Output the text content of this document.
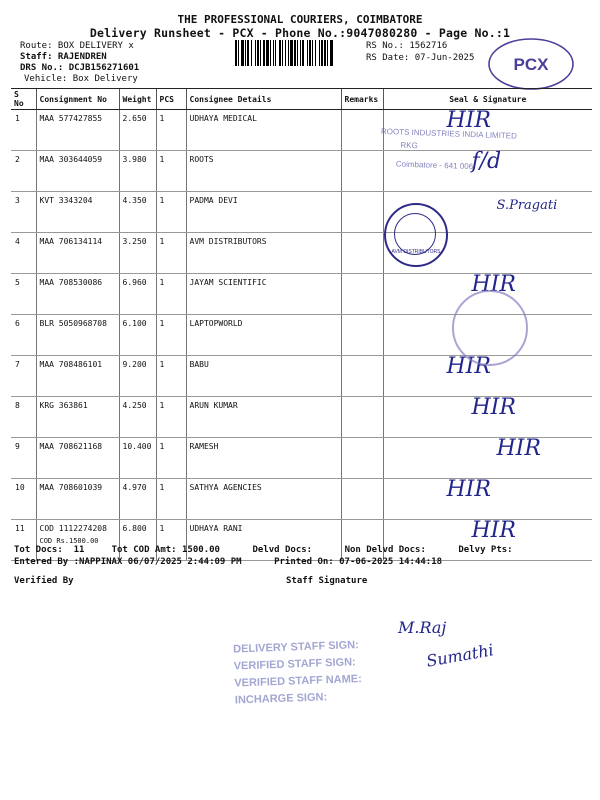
THE PROFESSIONAL COURIERS, COIMBATORE
Delivery Runsheet - PCX - Phone No.:9047080280 - Page No.:1
Route: BOX DELIVERY x
Staff: RAJENDREN
DRS No.: DCJB156271601
Vehicle: Box Delivery
RS No.: 1562716
RS Date: 07-Jun-2025 PCX
S No	Consignment No	Weight	PCS	Consignee Details	Remarks	Seal & Signature
1	MAA 577427855	2.650	1	UDHAYA MEDICAL		HIR
2	MAA 303644059	3.980	1	ROOTS		f/d
3	KVT 3343204	4.350	1	PADMA DEVI		S.Pragati
4	MAA 706134114	3.250	1	AVM DISTRIBUTORS		
5	MAA 708530086	6.960	1	JAYAM SCIENTIFIC		HIR
6	BLR 5050968708	6.100	1	LAPTOPWORLD		
7	MAA 708486101	9.200	1	BABU		HIR
8	KRG 363861	4.250	1	ARUN KUMAR		HIR
9	MAA 708621168	10.400	1	RAMESH		HIR
10	MAA 708601039	4.970	1	SATHYA AGENCIES		HIR
11	COD 1112274208
COD Rs.1500.00	6.800	1	UDHAYA RANI		HIR
ROOTS INDUSTRIES INDIA LIMITED
RKG
Coimbatore - 641 006
AVM DISTRIBUTORS
DELIVERY STAFF SIGN:
VERIFIED STAFF SIGN:
VERIFIED STAFF NAME:
INCHARGE SIGN:
M.Raj
Sumathi
Tot Docs: 11	Tot COD Amt: 1500.00	Delvd Docs:	Non Delvd Docs:	Delvy Pts:
Entered By :NAPPINAX 06/07/2025 2:44:09 PM	Printed On: 07-06-2025 14:44:18
Verified By	Staff Signature
